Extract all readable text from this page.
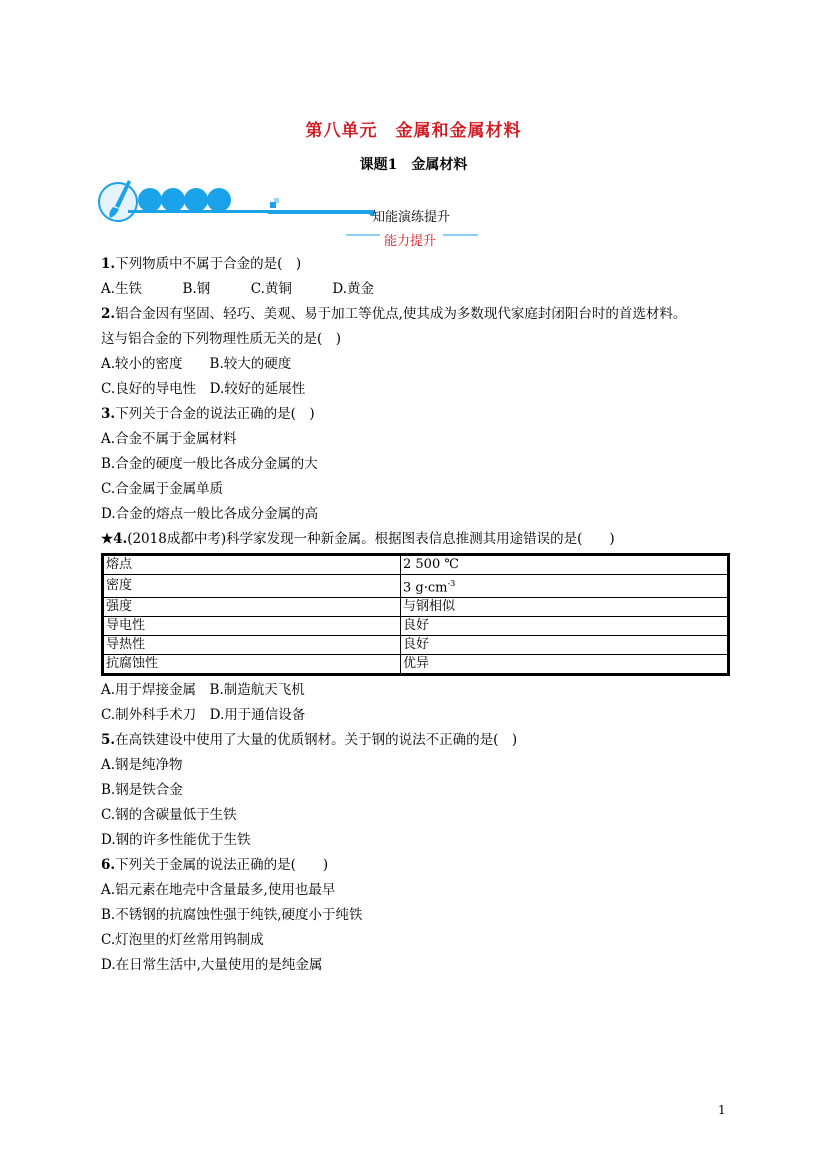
第八单元　金属和金属材料
课题1　金属材料
知能演练提升
能力提升
1.下列物质中不属于合金的是(　)
A.生铁　　　B.钢　　　C.黄铜　　　D.黄金
2.铝合金因有坚固、轻巧、美观、易于加工等优点,使其成为多数现代家庭封闭阳台时的首选材料。
这与铝合金的下列物理性质无关的是(　)
A.较小的密度　　B.较大的硬度
C.良好的导电性　D.较好的延展性
3.下列关于合金的说法正确的是(　)
A.合金不属于金属材料
B.合金的硬度一般比各成分金属的大
C.合金属于金属单质
D.合金的熔点一般比各成分金属的高
★4.(2018成都中考)科学家发现一种新金属。根据图表信息推测其用途错误的是(　　)
熔点	2 500 ℃
密度	3 $g\cdot cm^{-3}$
强度	与钢相似
导电性	良好
导热性	良好
抗腐蚀性	优异
A.用于焊接金属　B.制造航天飞机
C.制外科手术刀　D.用于通信设备
5.在高铁建设中使用了大量的优质钢材。关于钢的说法不正确的是(　)
A.钢是纯净物
B.钢是铁合金
C.钢的含碳量低于生铁
D.钢的许多性能优于生铁
6.下列关于金属的说法正确的是(　　)
A.铝元素在地壳中含量最多,使用也最早
B.不锈钢的抗腐蚀性强于纯铁,硬度小于纯铁
C.灯泡里的灯丝常用钨制成
D.在日常生活中,大量使用的是纯金属
1
